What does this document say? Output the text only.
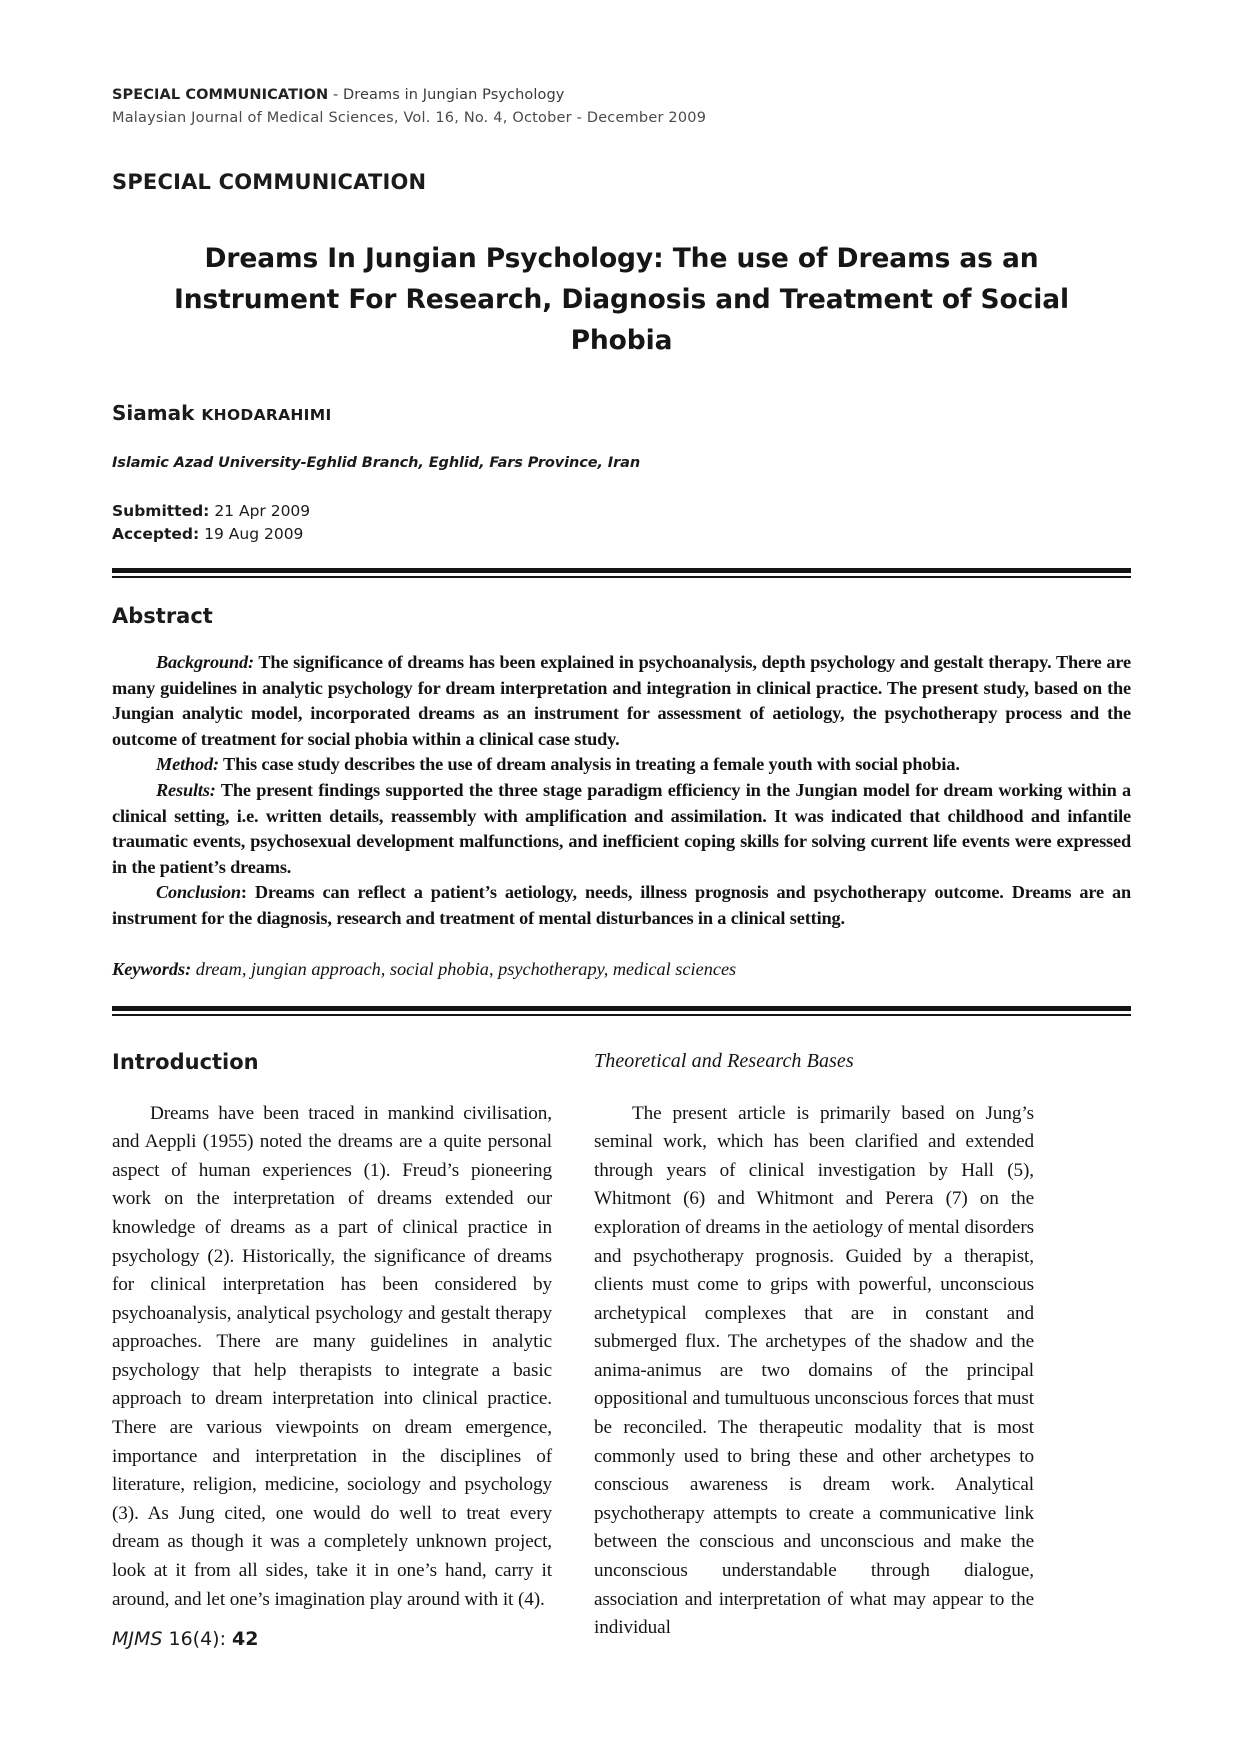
SPECIAL COMMUNICATION - Dreams in Jungian Psychology
Malaysian Journal of Medical Sciences, Vol. 16, No. 4, October - December 2009
SPECIAL COMMUNICATION
Dreams In Jungian Psychology: The use of Dreams as an Instrument For Research, Diagnosis and Treatment of Social Phobia
Siamak KHODARAHIMI
Islamic Azad University-Eghlid Branch, Eghlid, Fars Province, Iran
Submitted: 21 Apr 2009
Accepted: 19 Aug 2009
Abstract

Background: The significance of dreams has been explained in psychoanalysis, depth psychology and gestalt therapy. There are many guidelines in analytic psychology for dream interpretation and integration in clinical practice. The present study, based on the Jungian analytic model, incorporated dreams as an instrument for assessment of aetiology, the psychotherapy process and the outcome of treatment for social phobia within a clinical case study.

Method: This case study describes the use of dream analysis in treating a female youth with social phobia.

Results: The present findings supported the three stage paradigm efficiency in the Jungian model for dream working within a clinical setting, i.e. written details, reassembly with amplification and assimilation. It was indicated that childhood and infantile traumatic events, psychosexual development malfunctions, and inefficient coping skills for solving current life events were expressed in the patient’s dreams.

Conclusion: Dreams can reflect a patient’s aetiology, needs, illness prognosis and psychotherapy outcome. Dreams are an instrument for the diagnosis, research and treatment of mental disturbances in a clinical setting.

Keywords: dream, jungian approach, social phobia, psychotherapy, medical sciences
Introduction

Dreams have been traced in mankind civilisation, and Aeppli (1955) noted the dreams are a quite personal aspect of human experiences (1). Freud’s pioneering work on the interpretation of dreams extended our knowledge of dreams as a part of clinical practice in psychology (2). Historically, the significance of dreams for clinical interpretation has been considered by psychoanalysis, analytical psychology and gestalt therapy approaches. There are many guidelines in analytic psychology that help therapists to integrate a basic approach to dream interpretation into clinical practice. There are various viewpoints on dream emergence, importance and interpretation in the disciplines of literature, religion, medicine, sociology and psychology (3). As Jung cited, one would do well to treat every dream as though it was a completely unknown project, look at it from all sides, take it in one’s hand, carry it around, and let one’s imagination play around with it (4).

Theoretical and Research Bases

The present article is primarily based on Jung’s seminal work, which has been clarified and extended through years of clinical investigation by Hall (5), Whitmont (6) and Whitmont and Perera (7) on the exploration of dreams in the aetiology of mental disorders and psychotherapy prognosis. Guided by a therapist, clients must come to grips with powerful, unconscious archetypical complexes that are in constant and submerged flux. The archetypes of the shadow and the anima-animus are two domains of the principal oppositional and tumultuous unconscious forces that must be reconciled. The therapeutic modality that is most commonly used to bring these and other archetypes to conscious awareness is dream work. Analytical psychotherapy attempts to create a communicative link between the conscious and unconscious and make the unconscious understandable through dialogue, association and interpretation of what may appear to the individual

MJMS 16(4): 42
